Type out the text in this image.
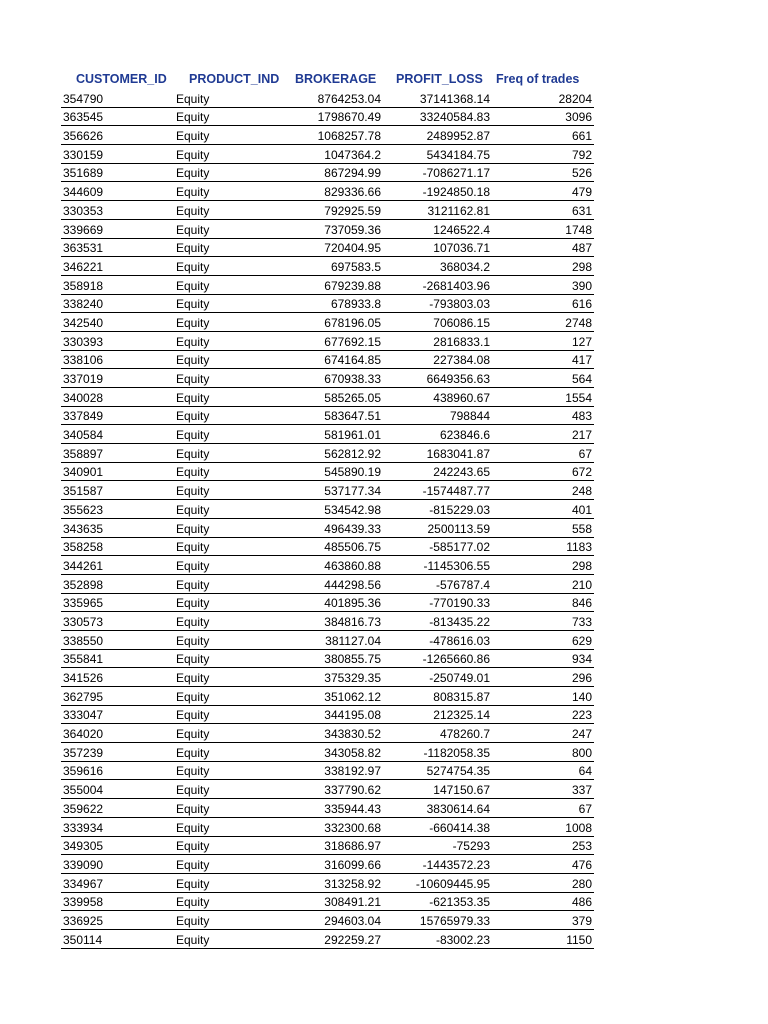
CUSTOMER_ID	PRODUCT_IND	BROKERAGE	PROFIT_LOSS	Freq of trades
354790	Equity	8764253.04	37141368.14	28204
363545	Equity	1798670.49	33240584.83	3096
356626	Equity	1068257.78	2489952.87	661
330159	Equity	1047364.2	5434184.75	792
351689	Equity	867294.99	-7086271.17	526
344609	Equity	829336.66	-1924850.18	479
330353	Equity	792925.59	3121162.81	631
339669	Equity	737059.36	1246522.4	1748
363531	Equity	720404.95	107036.71	487
346221	Equity	697583.5	368034.2	298
358918	Equity	679239.88	-2681403.96	390
338240	Equity	678933.8	-793803.03	616
342540	Equity	678196.05	706086.15	2748
330393	Equity	677692.15	2816833.1	127
338106	Equity	674164.85	227384.08	417
337019	Equity	670938.33	6649356.63	564
340028	Equity	585265.05	438960.67	1554
337849	Equity	583647.51	798844	483
340584	Equity	581961.01	623846.6	217
358897	Equity	562812.92	1683041.87	67
340901	Equity	545890.19	242243.65	672
351587	Equity	537177.34	-1574487.77	248
355623	Equity	534542.98	-815229.03	401
343635	Equity	496439.33	2500113.59	558
358258	Equity	485506.75	-585177.02	1183
344261	Equity	463860.88	-1145306.55	298
352898	Equity	444298.56	-576787.4	210
335965	Equity	401895.36	-770190.33	846
330573	Equity	384816.73	-813435.22	733
338550	Equity	381127.04	-478616.03	629
355841	Equity	380855.75	-1265660.86	934
341526	Equity	375329.35	-250749.01	296
362795	Equity	351062.12	808315.87	140
333047	Equity	344195.08	212325.14	223
364020	Equity	343830.52	478260.7	247
357239	Equity	343058.82	-1182058.35	800
359616	Equity	338192.97	5274754.35	64
355004	Equity	337790.62	147150.67	337
359622	Equity	335944.43	3830614.64	67
333934	Equity	332300.68	-660414.38	1008
349305	Equity	318686.97	-75293	253
339090	Equity	316099.66	-1443572.23	476
334967	Equity	313258.92	-10609445.95	280
339958	Equity	308491.21	-621353.35	486
336925	Equity	294603.04	15765979.33	379
350114	Equity	292259.27	-83002.23	1150
